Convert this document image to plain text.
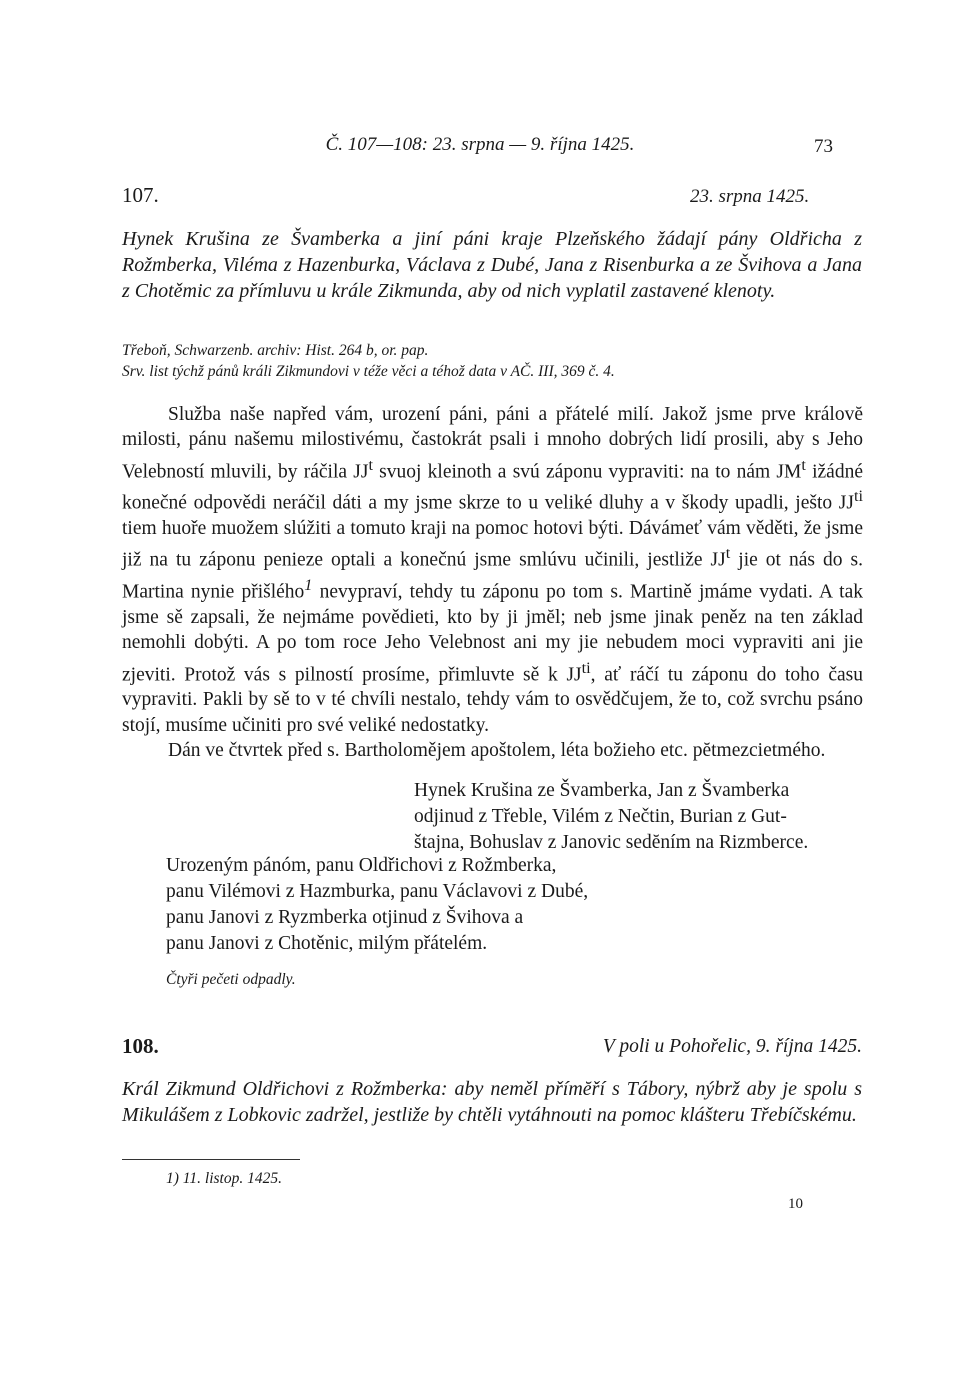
Č. 107—108: 23. srpna — 9. října 1425.	73
107.	23. srpna 1425.
Hynek Krušina ze Švamberka a jiní páni kraje Plzeňského žádají pány Oldřicha z Rožmberka, Viléma z Hazenburka, Václava z Dubé, Jana z Risenburka a ze Švihova a Jana z Chotěmic za přímluvu u krále Zikmunda, aby od nich vyplatil zastavené klenoty.
Třeboň, Schwarzenb. archiv: Hist. 264 b, or. pap.
Srv. list týchž pánů králi Zikmundovi v téže věci a téhož data v AČ. III, 369 č. 4.

Služba naše napřed vám, urození páni, páni a přátelé milí. Jakož jsme prve královĕ milosti, pánu našemu milostivému, častokrát psali i mnoho dobrých lidí prosili, aby s Jeho Velebností mluvili, by ráčila $JJ^t$ svuoj kleinoth a svú záponu vypraviti: na to nám $JM^t$ ižádné konečné odpovědi neráčil dáti a my jsme skrze to u veliké dluhy a v škody upadli, ješto $JJ^{ti}$ tiem huoře muožem slúžiti a tomuto kraji na pomoc hotovi býti. Dávámeť vám věděti, že jsme již na tu záponu penieze optali a konečnú jsme smlúvu učinili, jestliže $JJ^t$ jie ot nás do s. Martina nynie přišlého$^1$ nevypraví, tehdy tu záponu po tom s. Martině jmáme vydati. A tak jsme sě zapsali, že nejmáme povědieti, kto by ji jmĕl; neb jsme jinak peněz na ten základ nemohli dobýti. A po tom roce Jeho Velebnost ani my jie nebudem moci vypraviti ani jie zjeviti. Protož vás s pilností prosíme, přimluvte sě k $JJ^{ti}$, ať ráčí tu záponu do toho času vypraviti. Pakli by sě to v té chvíli nestalo, tehdy vám to osvědčujem, že to, což svrchu psáno stojí, musíme učiniti pro své veliké nedostatky.

Dán ve čtvrtek před s. Bartholomějem apoštolem, léta božieho etc. pĕtmezcietmého.

Hynek Krušina ze Švamberka, Jan z Švamberka
odjinud z Třeble, Vilém z Nečtin, Burian z Gut-
štajna, Bohuslav z Janovic sedĕním na Rizmberce.
Urozeným pánóm, panu Oldřichovi z Rožmberka,
panu Vilémovi z Hazmburka, panu Václavovi z Dubé,
panu Janovi z Ryzmberka otjinud z Švihova a
panu Janovi z Chotěnic, milým přátelém.
Čtyři pečeti odpadly.
108.	V poli u Pohořelic, 9. října 1425.
Král Zikmund Oldřichovi z Rožmberka: aby neměl přímĕří s Tábory, nýbrž aby je spolu s Mikulášem z Lobkovic zadržel, jestliže by chtěli vytáhnouti na pomoc klášteru Třebíčskému.
1) 11. listop. 1425.
10
